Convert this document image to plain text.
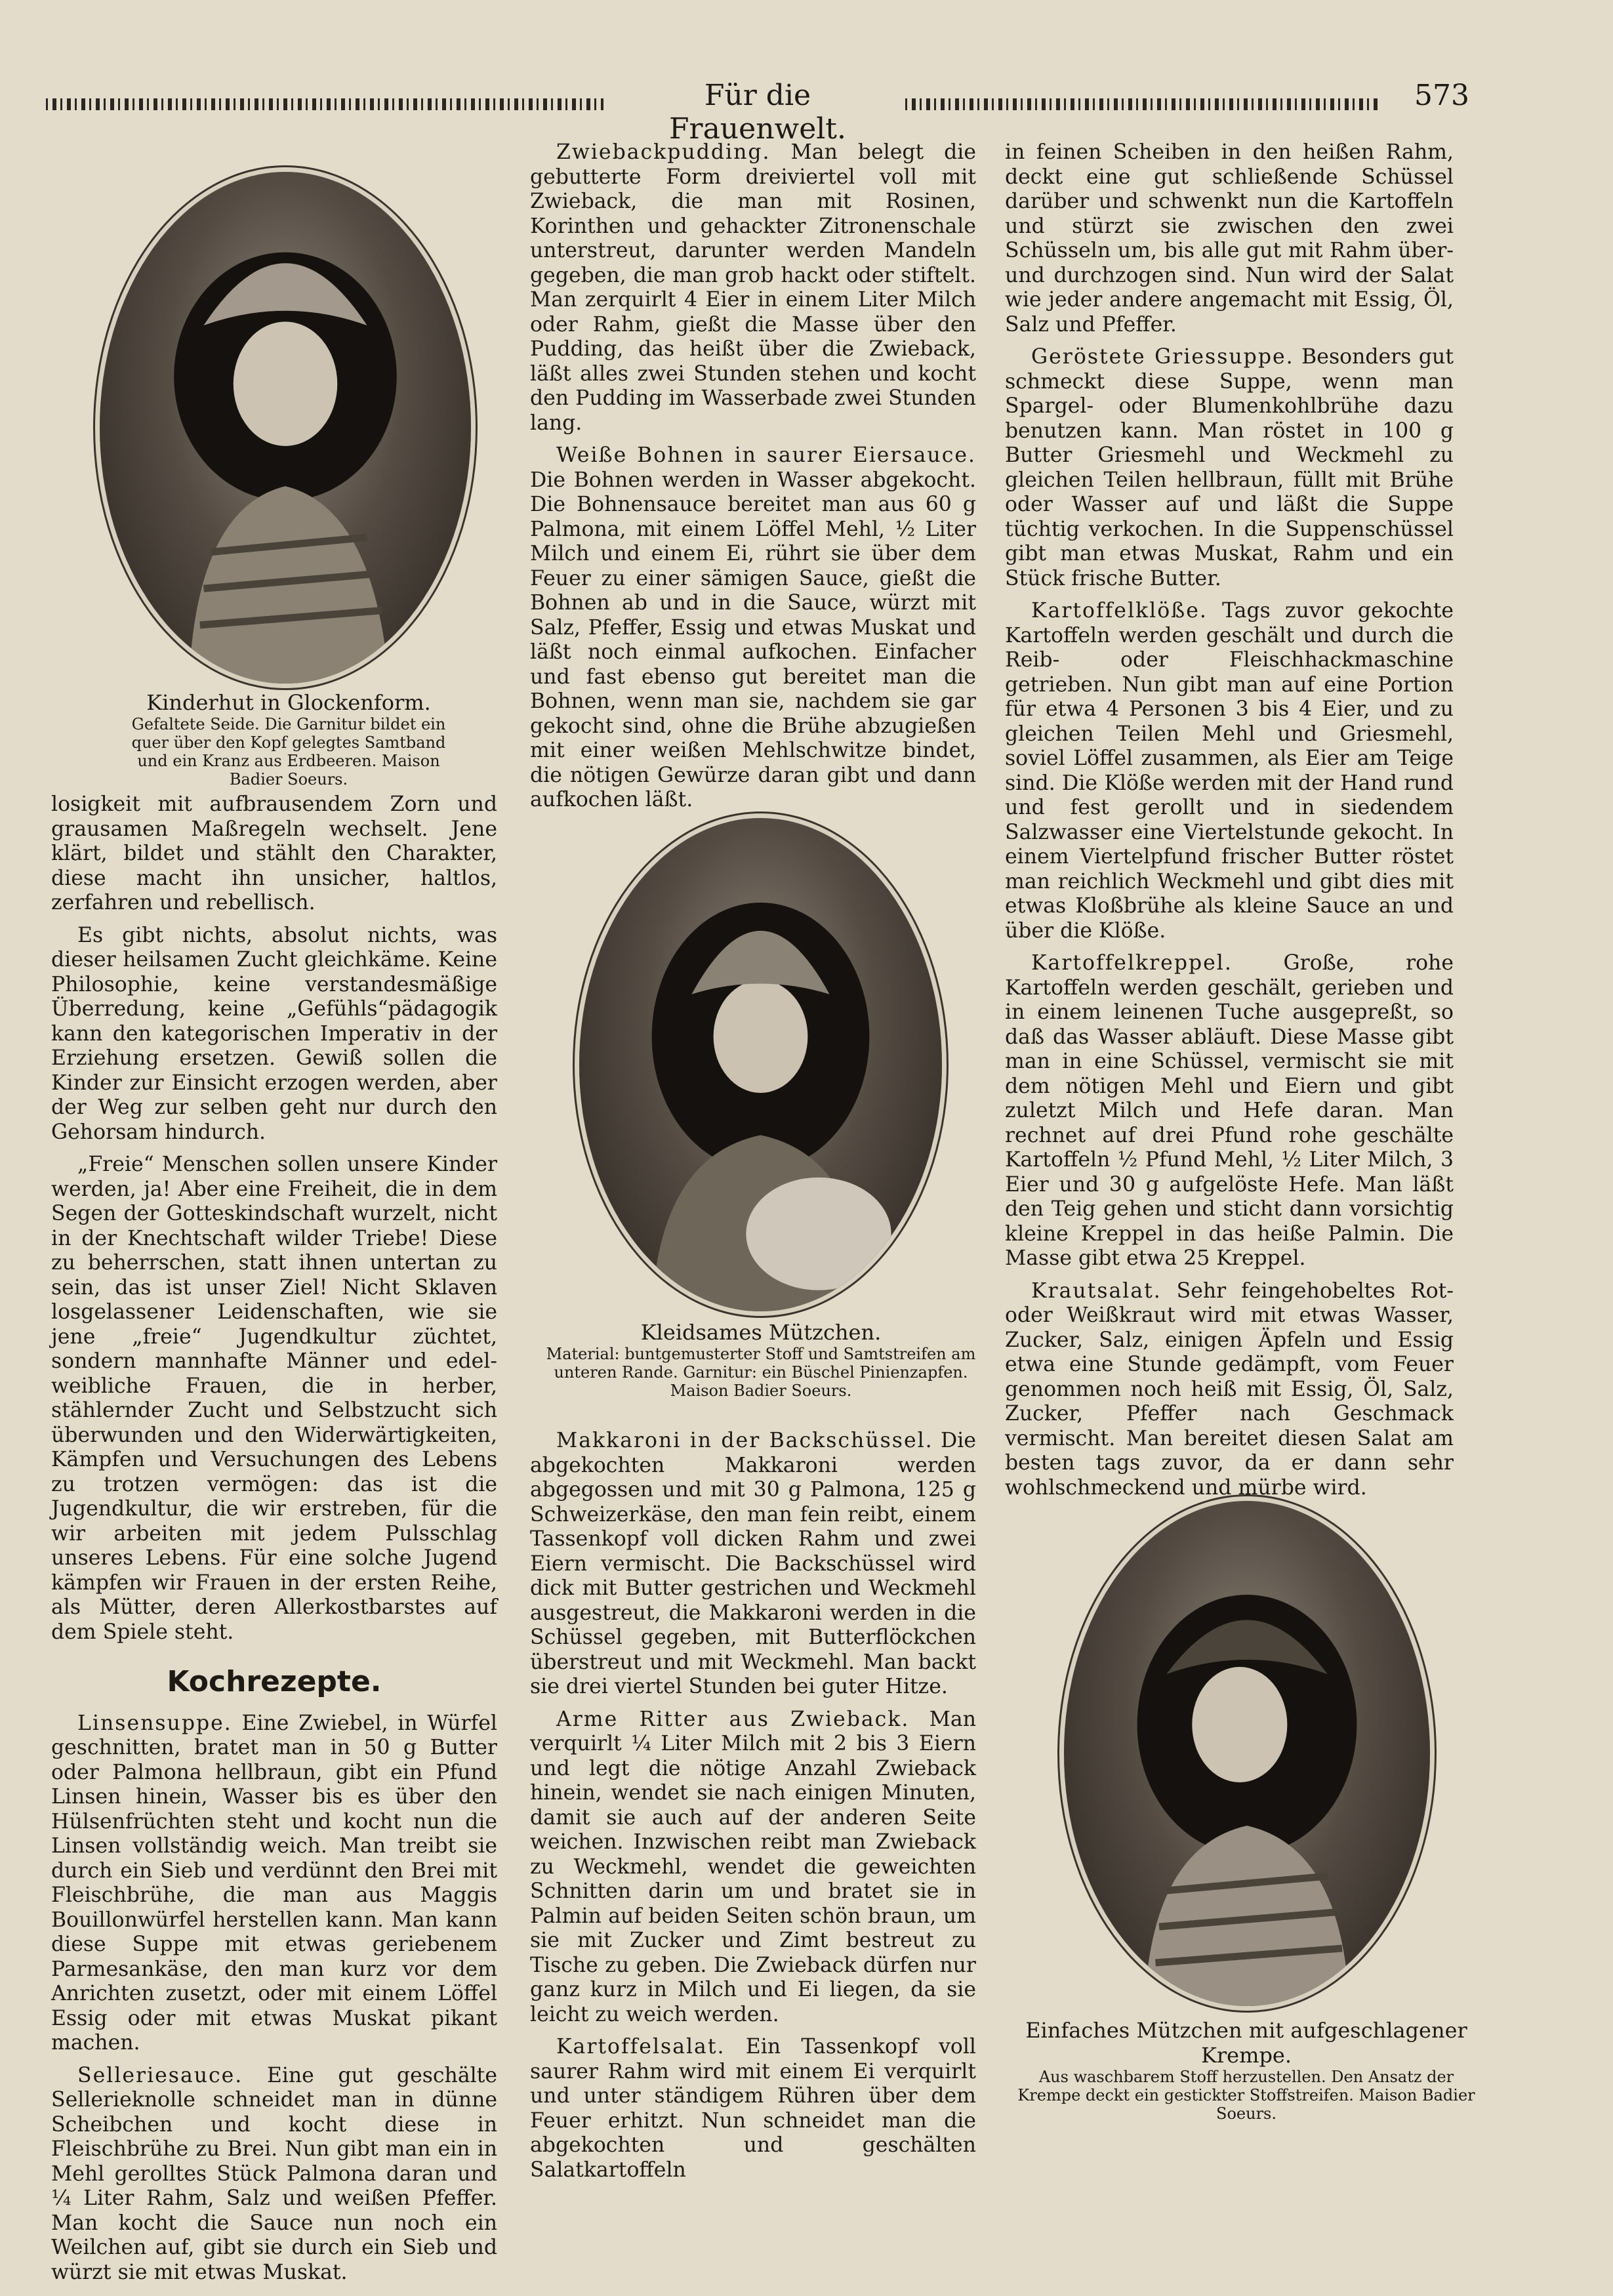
Für die Frauenwelt.
573
Kinderhut in Glockenform.
Gefaltete Seide. Die Garnitur bildet ein quer über den Kopf gelegtes Samtband und ein Kranz aus Erdbeeren. Maison Badier Soeurs.
Kleidsames Mützchen.
Material: buntgemusterter Stoff und Samtstreifen am unteren Rande. Garnitur: ein Büschel Pinienzapfen. Maison Badier Soeurs.
Einfaches Mützchen mit aufgeschlagener Krempe.
Aus waschbarem Stoff herzustellen. Den Ansatz der Krempe deckt ein gestickter Stoffstreifen. Maison Badier Soeurs.

losigkeit mit aufbrausendem Zorn und grausamen Maßregeln wechselt. Jene klärt, bildet und stählt den Charakter, diese macht ihn unsicher, haltlos, zerfahren und rebellisch.

Es gibt nichts, absolut nichts, was dieser heilsamen Zucht gleichkäme. Keine Philosophie, keine verstandesmäßige Überredung, keine „Gefühls“pädagogik kann den kategorischen Imperativ in der Erziehung ersetzen. Gewiß sollen die Kinder zur Einsicht erzogen werden, aber der Weg zur selben geht nur durch den Gehorsam hindurch.

„Freie“ Menschen sollen unsere Kinder werden, ja! Aber eine Freiheit, die in dem Segen der Gotteskindschaft wurzelt, nicht in der Knechtschaft wilder Triebe! Diese zu beherrschen, statt ihnen untertan zu sein, das ist unser Ziel! Nicht Sklaven losgelassener Leidenschaften, wie sie jene „freie“ Jugendkultur züchtet, sondern mannhafte Männer und edel-weibliche Frauen, die in herber, stählernder Zucht und Selbstzucht sich überwunden und den Widerwärtigkeiten, Kämpfen und Versuchungen des Lebens zu trotzen vermögen: das ist die Jugendkultur, die wir erstreben, für die wir arbeiten mit jedem Pulsschlag unseres Lebens. Für eine solche Jugend kämpfen wir Frauen in der ersten Reihe, als Mütter, deren Allerkostbarstes auf dem Spiele steht.

Kochrezepte.

Linsensuppe. Eine Zwiebel, in Würfel geschnitten, bratet man in 50 g Butter oder Palmona hellbraun, gibt ein Pfund Linsen hinein, Wasser bis es über den Hülsenfrüchten steht und kocht nun die Linsen vollständig weich. Man treibt sie durch ein Sieb und verdünnt den Brei mit Fleischbrühe, die man aus Maggis Bouillonwürfel herstellen kann. Man kann diese Suppe mit etwas geriebenem Parmesankäse, den man kurz vor dem Anrichten zusetzt, oder mit einem Löffel Essig oder mit etwas Muskat pikant machen.

Selleriesauce. Eine gut geschälte Sellerieknolle schneidet man in dünne Scheibchen und kocht diese in Fleischbrühe zu Brei. Nun gibt man ein in Mehl gerolltes Stück Palmona daran und ¼ Liter Rahm, Salz und weißen Pfeffer. Man kocht die Sauce nun noch ein Weilchen auf, gibt sie durch ein Sieb und würzt sie mit etwas Muskat.

Zwiebackpudding. Man belegt die gebutterte Form dreiviertel voll mit Zwieback, die man mit Rosinen, Korinthen und gehackter Zitronenschale unterstreut, darunter werden Mandeln gegeben, die man grob hackt oder stiftelt. Man zerquirlt 4 Eier in einem Liter Milch oder Rahm, gießt die Masse über den Pudding, das heißt über die Zwieback, läßt alles zwei Stunden stehen und kocht den Pudding im Wasserbade zwei Stunden lang.

Weiße Bohnen in saurer Eiersauce. Die Bohnen werden in Wasser abgekocht. Die Bohnensauce bereitet man aus 60 g Palmona, mit einem Löffel Mehl, ½ Liter Milch und einem Ei, rührt sie über dem Feuer zu einer sämigen Sauce, gießt die Bohnen ab und in die Sauce, würzt mit Salz, Pfeffer, Essig und etwas Muskat und läßt noch einmal aufkochen. Einfacher und fast ebenso gut bereitet man die Bohnen, wenn man sie, nachdem sie gar gekocht sind, ohne die Brühe abzugießen mit einer weißen Mehlschwitze bindet, die nötigen Gewürze daran gibt und dann aufkochen läßt.

Makkaroni in der Backschüssel. Die abgekochten Makkaroni werden abgegossen und mit 30 g Palmona, 125 g Schweizerkäse, den man fein reibt, einem Tassenkopf voll dicken Rahm und zwei Eiern vermischt. Die Backschüssel wird dick mit Butter gestrichen und Weckmehl ausgestreut, die Makkaroni werden in die Schüssel gegeben, mit Butterflöckchen überstreut und mit Weckmehl. Man backt sie drei viertel Stunden bei guter Hitze.

Arme Ritter aus Zwieback. Man verquirlt ¼ Liter Milch mit 2 bis 3 Eiern und legt die nötige Anzahl Zwieback hinein, wendet sie nach einigen Minuten, damit sie auch auf der anderen Seite weichen. Inzwischen reibt man Zwieback zu Weckmehl, wendet die geweichten Schnitten darin um und bratet sie in Palmin auf beiden Seiten schön braun, um sie mit Zucker und Zimt bestreut zu Tische zu geben. Die Zwieback dürfen nur ganz kurz in Milch und Ei liegen, da sie leicht zu weich werden.

Kartoffelsalat. Ein Tassenkopf voll saurer Rahm wird mit einem Ei verquirlt und unter ständigem Rühren über dem Feuer erhitzt. Nun schneidet man die abgekochten und geschälten Salatkartoffeln

in feinen Scheiben in den heißen Rahm, deckt eine gut schließende Schüssel darüber und schwenkt nun die Kartoffeln und stürzt sie zwischen den zwei Schüsseln um, bis alle gut mit Rahm über- und durchzogen sind. Nun wird der Salat wie jeder andere angemacht mit Essig, Öl, Salz und Pfeffer.

Geröstete Griessuppe. Besonders gut schmeckt diese Suppe, wenn man Spargel- oder Blumenkohlbrühe dazu benutzen kann. Man röstet in 100 g Butter Griesmehl und Weckmehl zu gleichen Teilen hellbraun, füllt mit Brühe oder Wasser auf und läßt die Suppe tüchtig verkochen. In die Suppenschüssel gibt man etwas Muskat, Rahm und ein Stück frische Butter.

Kartoffelklöße. Tags zuvor gekochte Kartoffeln werden geschält und durch die Reib- oder Fleischhackmaschine getrieben. Nun gibt man auf eine Portion für etwa 4 Personen 3 bis 4 Eier, und zu gleichen Teilen Mehl und Griesmehl, soviel Löffel zusammen, als Eier am Teige sind. Die Klöße werden mit der Hand rund und fest gerollt und in siedendem Salzwasser eine Viertelstunde gekocht. In einem Viertelpfund frischer Butter röstet man reichlich Weckmehl und gibt dies mit etwas Kloßbrühe als kleine Sauce an und über die Klöße.

Kartoffelkreppel. Große, rohe Kartoffeln werden geschält, gerieben und in einem leinenen Tuche ausgepreßt, so daß das Wasser abläuft. Diese Masse gibt man in eine Schüssel, vermischt sie mit dem nötigen Mehl und Eiern und gibt zuletzt Milch und Hefe daran. Man rechnet auf drei Pfund rohe geschälte Kartoffeln ½ Pfund Mehl, ½ Liter Milch, 3 Eier und 30 g aufgelöste Hefe. Man läßt den Teig gehen und sticht dann vorsichtig kleine Kreppel in das heiße Palmin. Die Masse gibt etwa 25 Kreppel.

Krautsalat. Sehr feingehobeltes Rot- oder Weißkraut wird mit etwas Wasser, Zucker, Salz, einigen Äpfeln und Essig etwa eine Stunde gedämpft, vom Feuer genommen noch heiß mit Essig, Öl, Salz, Zucker, Pfeffer nach Geschmack vermischt. Man bereitet diesen Salat am besten tags zuvor, da er dann sehr wohlschmeckend und mürbe wird.
